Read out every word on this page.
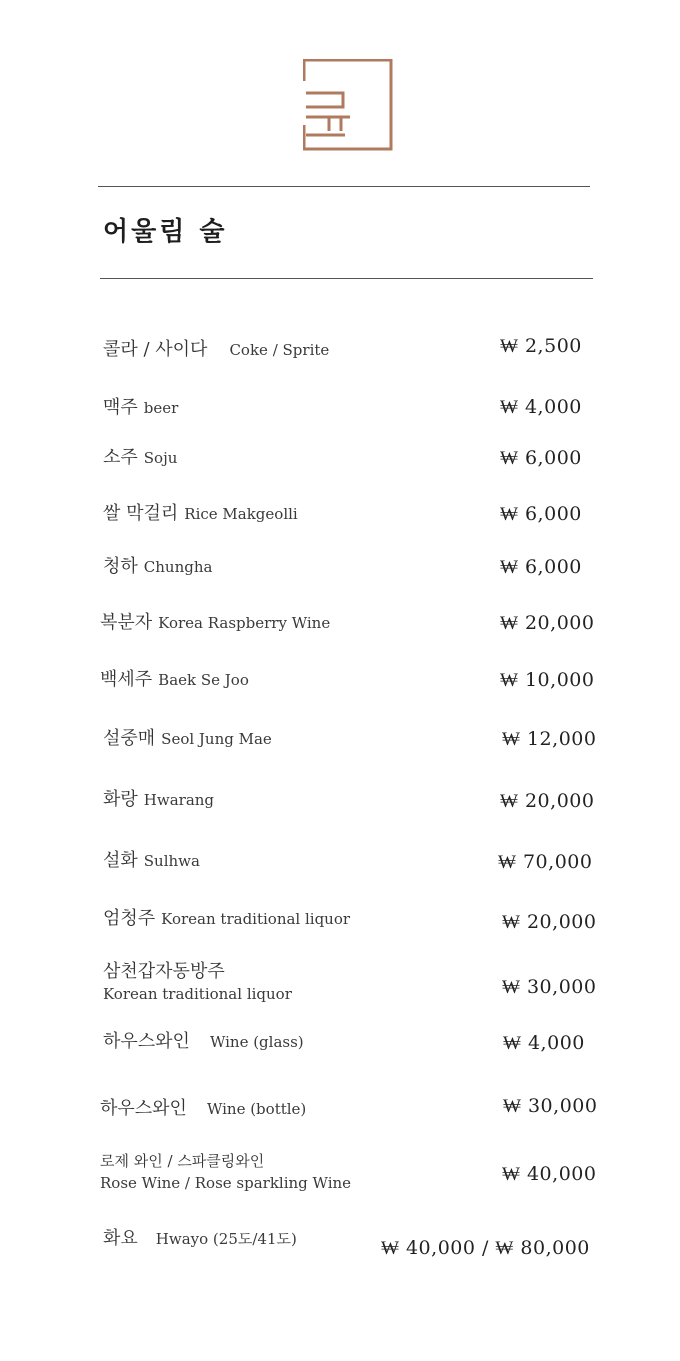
어울림 술
콜라 / 사이다 Coke / Sprite	₩ 2,500
맥주 beer	₩ 4,000
소주 Soju	₩ 6,000
쌀 막걸리 Rice Makgeolli	₩ 6,000
청하 Chungha	₩ 6,000
복분자 Korea Raspberry Wine	₩ 20,000
백세주 Baek Se Joo	₩ 10,000
설중매 Seol Jung Mae	₩ 12,000
화랑 Hwarang	₩ 20,000
설화 Sulhwa	₩ 70,000
엄청주 Korean traditional liquor	₩ 20,000
삼천갑자동방주
Korean traditional liquor	₩ 30,000
하우스와인 Wine (glass)	₩ 4,000
하우스와인 Wine (bottle)	₩ 30,000
로제 와인 / 스파클링와인
Rose Wine / Rose sparkling Wine	₩ 40,000
화요 Hwayo (25도/41도)	₩ 40,000 / ₩ 80,000
